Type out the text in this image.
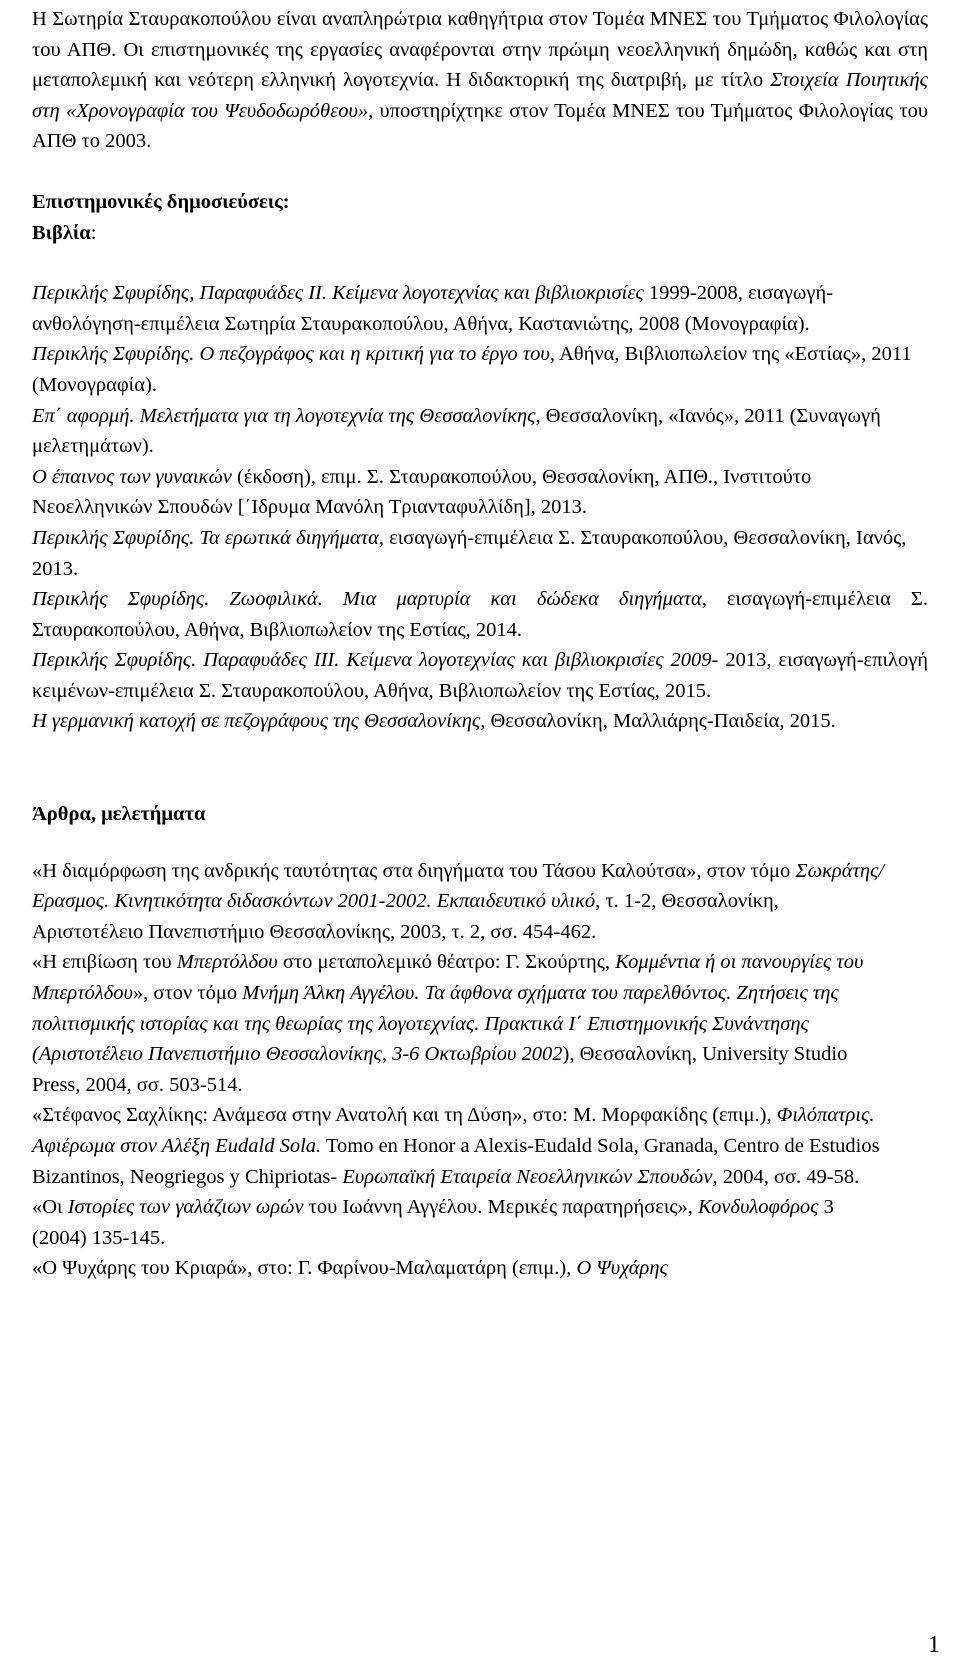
Η Σωτηρία Σταυρακοπούλου είναι αναπληρώτρια καθηγήτρια στον Τομέα ΜΝΕΣ του Τμήματος Φιλολογίας του ΑΠΘ. Οι επιστημονικές της εργασίες αναφέρονται στην πρώιμη νεοελληνική δημώδη, καθώς και στη μεταπολεμική και νεότερη ελληνική λογοτεχνία. Η διδακτορική της διατριβή, με τίτλο Στοιχεία Ποιητικής στη «Χρονογραφία του Ψευδοδωρόθεου», υποστηρίχτηκε στον Τομέα ΜΝΕΣ του Τμήματος Φιλολογίας του ΑΠΘ το 2003.

Επιστημονικές δημοσιεύσεις:

Βιβλία:

Περικλής Σφυρίδης, Παραφυάδες ΙΙ. Κείμενα λογοτεχνίας και βιβλιοκρισίες 1999-2008, εισαγωγή-ανθολόγηση-επιμέλεια Σωτηρία Σταυρακοπούλου, Αθήνα, Καστανιώτης, 2008 (Μονογραφία).

Περικλής Σφυρίδης. Ο πεζογράφος και η κριτική για το έργο του, Αθήνα, Βιβλιοπωλείον της «Εστίας», 2011 (Μονογραφία).

Επ΄ αφορμή. Μελετήματα για τη λογοτεχνία της Θεσσαλονίκης, Θεσσαλονίκη, «Ιανός», 2011 (Συναγωγή μελετημάτων).

Ο έπαινος των γυναικών (έκδοση), επιμ. Σ. Σταυρακοπούλου, Θεσσαλονίκη, ΑΠΘ., Ινστιτούτο Νεοελληνικών Σπουδών [΄Ιδρυμα Μανόλη Τριανταφυλλίδη], 2013.

Περικλής Σφυρίδης. Τα ερωτικά διηγήματα, εισαγωγή-επιμέλεια Σ. Σταυρακοπούλου, Θεσσαλονίκη, Ιανός, 2013.

Περικλής Σφυρίδης. Ζωοφιλικά. Μια μαρτυρία και δώδεκα διηγήματα, εισαγωγή-επιμέλεια Σ. Σταυρακοπούλου, Αθήνα, Βιβλιοπωλείον της Εστίας, 2014.

Περικλής Σφυρίδης. Παραφυάδες ΙΙΙ. Κείμενα λογοτεχνίας και βιβλιοκρισίες 2009- 2013, εισαγωγή-επιλογή κειμένων-επιμέλεια Σ. Σταυρακοπούλου, Αθήνα, Βιβλιοπωλείον της Εστίας, 2015.

Η γερμανική κατοχή σε πεζογράφους της Θεσσαλονίκης, Θεσσαλονίκη, Μαλλιάρης-Παιδεία, 2015.

Άρθρα, μελετήματα

«Η διαμόρφωση της ανδρικής ταυτότητας στα διηγήματα του Τάσου Καλούτσα», στον τόμο Σωκράτης/Ερασμος. Κινητικότητα διδασκόντων 2001-2002. Εκπαιδευτικό υλικό, τ. 1-2, Θεσσαλονίκη, Αριστοτέλειο Πανεπιστήμιο Θεσσαλονίκης, 2003, τ. 2, σσ. 454-462.

«Η επιβίωση του Μπερτόλδου στο μεταπολεμικό θέατρο: Γ. Σκούρτης, Κομμέντια ή οι πανουργίες του Μπερτόλδου», στον τόμο Μνήμη Άλκη Αγγέλου. Τα άφθονα σχήματα του παρελθόντος. Ζητήσεις της πολιτισμικής ιστορίας και της θεωρίας της λογοτεχνίας. Πρακτικά Ι΄ Επιστημονικής Συνάντησης (Αριστοτέλειο Πανεπιστήμιο Θεσσαλονίκης, 3-6 Οκτωβρίου 2002), Θεσσαλονίκη, University Studio Press, 2004, σσ. 503-514.

«Στέφανος Σαχλίκης: Ανάμεσα στην Ανατολή και τη Δύση», στο: Μ. Μορφακίδης (επιμ.), Φιλόπατρις. Αφιέρωμα στον Αλέξη Eudald Sola. Tomo en Honor a Alexis-Eudald Sola, Granada, Centro de Estudios Bizantinos, Neogriegos y Chipriotas- Ευρωπαϊκή Εταιρεία Νεοελληνικών Σπουδών, 2004, σσ. 49-58.

«Οι Ιστορίες των γαλάζιων ωρών του Ιωάννη Αγγέλου. Μερικές παρατηρήσεις», Κονδυλοφόρος 3 (2004) 135-145.

«Ο Ψυχάρης του Κριαρά», στο: Γ. Φαρίνου-Μαλαματάρη (επιμ.), Ο Ψυχάρης

1
